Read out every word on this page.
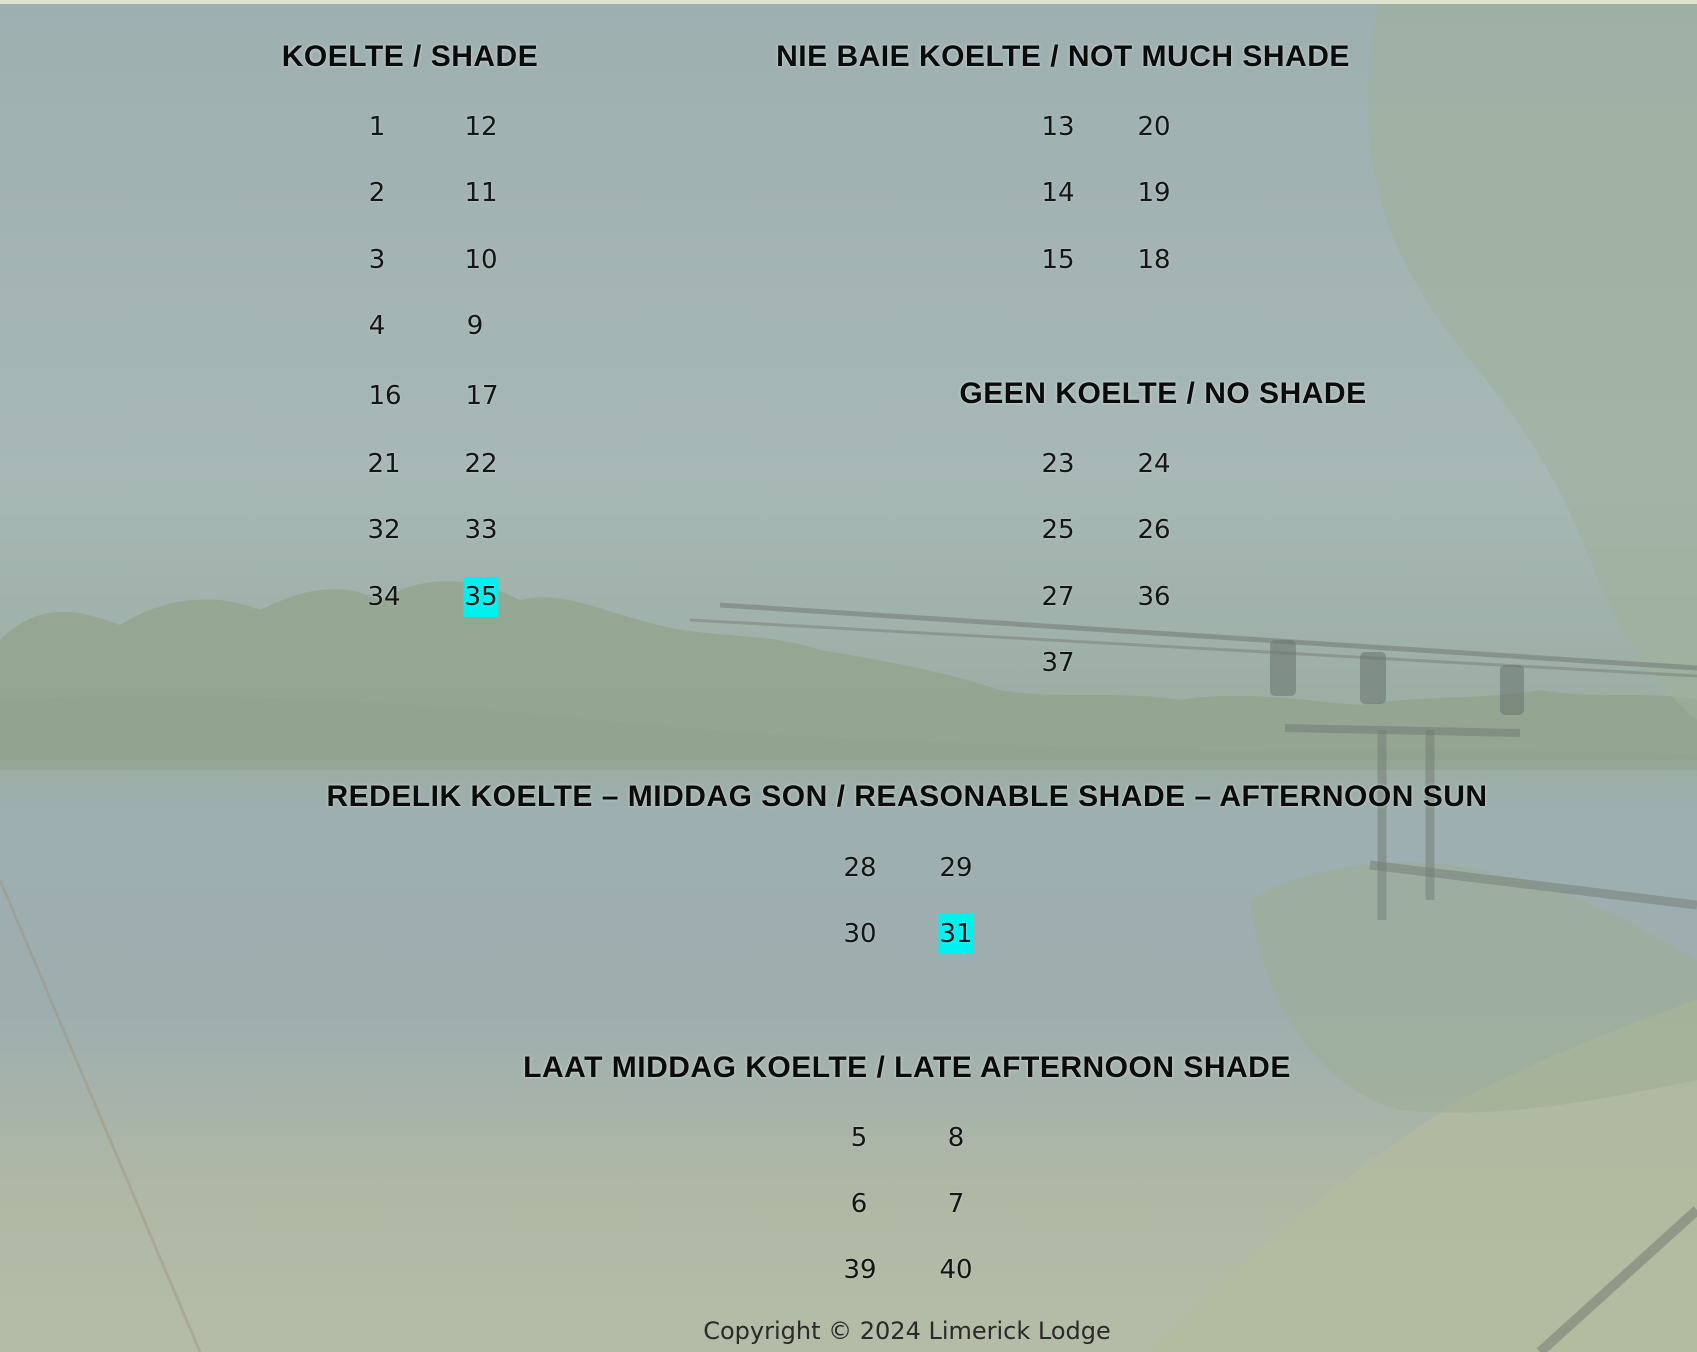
KOELTE / SHADE
1	12
2	11
3	10
4	9
16 17
21 22
32 33
34 35
NIE BAIE KOELTE / NOT MUCH SHADE
13 20
14 19
15 18
GEEN KOELTE / NO SHADE
23 24
25 26
27 36
37
REDELIK KOELTE – MIDDAG SON / REASONABLE SHADE – AFTERNOON SUN
28 29
30 31
LAAT MIDDAG KOELTE / LATE AFTERNOON SHADE
5	8
6	7
39 40
Copyright © 2024 Limerick Lodge
